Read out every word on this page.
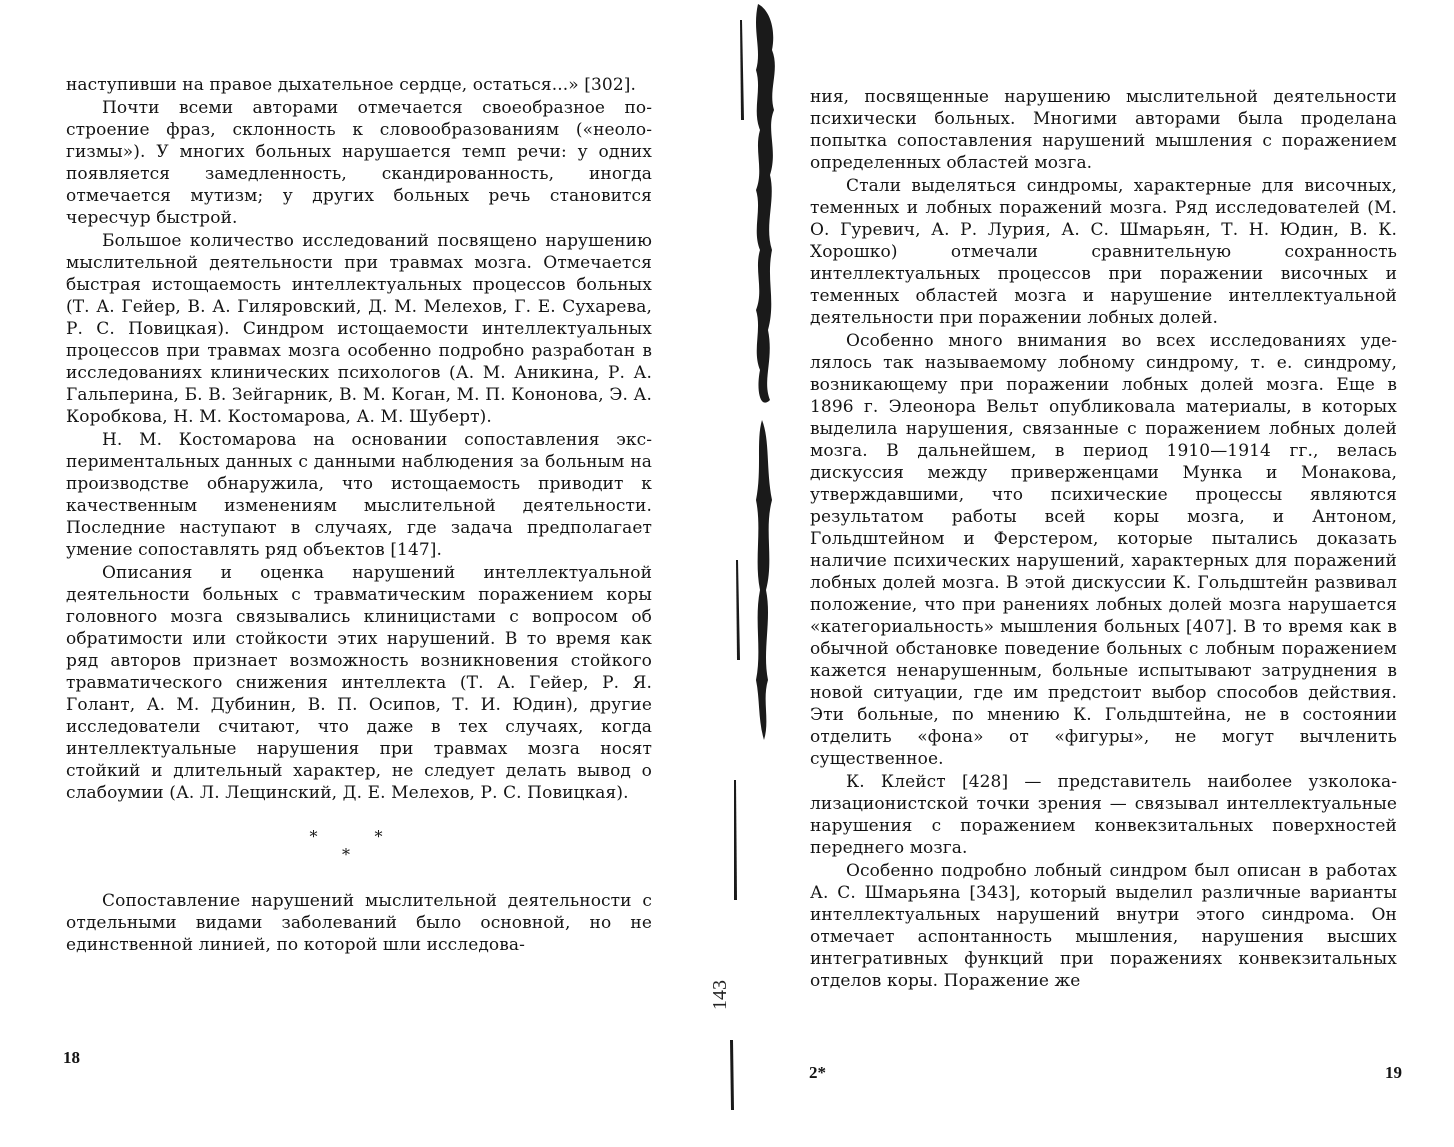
наступивши на правое дыхательное сердце, остаться...» [302].

Почти всеми авторами отмечается своеобразное построение фраз, склонность к словообразованиям («неологизмы»). У многих больных нарушается темп речи: у одних появляется замедленность, скандированность, иногда отмечается мутизм; у других больных речь становится чересчур быстрой.

Большое количество исследований посвящено нарушению мыслительной деятельности при травмах мозга. Отмечается быстрая истощаемость интеллектуальных процессов больных (Т. А. Гейер, В. А. Гиляровский, Д. М. Мелехов, Г. Е. Сухарева, Р. С. Повицкая). Синдром истощаемости интеллектуальных процессов при травмах мозга особенно подробно разработан в исследованиях клинических психологов (А. М. Аникина, Р. А. Гальперина, Б. В. Зейгарник, В. М. Коган, М. П. Кононова, Э. А. Коробкова, Н. М. Костомарова, А. М. Шуберт).

Н. М. Костомарова на основании сопоставления экспериментальных данных с данными наблюдения за больным на производстве обнаружила, что истощаемость приводит к качественным изменениям мыслительной деятельности. Последние наступают в случаях, где задача предполагает умение сопоставлять ряд объектов [147].

Описания и оценка нарушений интеллектуальной деятельности больных с травматическим поражением коры головного мозга связывались клиницистами с вопросом об обратимости или стойкости этих нарушений. В то время как ряд авторов признает возможность возникновения стойкого травматического снижения интеллекта (Т. А. Гейер, Р. Я. Голант, А. М. Дубинин, В. П. Осипов, Т. И. Юдин), другие исследователи считают, что даже в тех случаях, когда интеллектуальные нарушения при травмах мозга носят стойкий и длительный характер, не следует делать вывод о слабоумии (А. Л. Лещинский, Д. Е. Мелехов, Р. С. Повицкая).

* *
*

Сопоставление нарушений мыслительной деятельности с отдельными видами заболеваний было основной, но не единственной линией, по которой шли исследова-

18
143

ния, посвященные нарушению мыслительной деятельности психически больных. Многими авторами была проделана попытка сопоставления нарушений мышления с поражением определенных областей мозга.

Стали выделяться синдромы, характерные для височных, теменных и лобных поражений мозга. Ряд исследователей (М. О. Гуревич, А. Р. Лурия, А. С. Шмарьян, Т. Н. Юдин, В. К. Хорошко) отмечали сравнительную сохранность интеллектуальных процессов при поражении височных и теменных областей мозга и нарушение интеллектуальной деятельности при поражении лобных долей.

Особенно много внимания во всех исследованиях уделялось так называемому лобному синдрому, т. е. синдрому, возникающему при поражении лобных долей мозга. Еще в 1896 г. Элеонора Вельт опубликовала материалы, в которых выделила нарушения, связанные с поражением лобных долей мозга. В дальнейшем, в период 1910—1914 гг., велась дискуссия между приверженцами Мунка и Монакова, утверждавшими, что психические процессы являются результатом работы всей коры мозга, и Антоном, Гольдштейном и Ферстером, которые пытались доказать наличие психических нарушений, характерных для поражений лобных долей мозга. В этой дискуссии К. Гольдштейн развивал положение, что при ранениях лобных долей мозга нарушается «категориальность» мышления больных [407]. В то время как в обычной обстановке поведение больных с лобным поражением кажется ненарушенным, больные испытывают затруднения в новой ситуации, где им предстоит выбор способов действия. Эти больные, по мнению К. Гольдштейна, не в состоянии отделить «фона» от «фигуры», не могут вычленить существенное.

К. Клейст [428] — представитель наиболее узколокализационистской точки зрения — связывал интеллектуальные нарушения с поражением конвекзитальных поверхностей переднего мозга.

Особенно подробно лобный синдром был описан в работах А. С. Шмарьяна [343], который выделил различные варианты интеллектуальных нарушений внутри этого синдрома. Он отмечает аспонтанность мышления, нарушения высших интегративных функций при поражениях конвекзитальных отделов коры. Поражение же

2*	19
